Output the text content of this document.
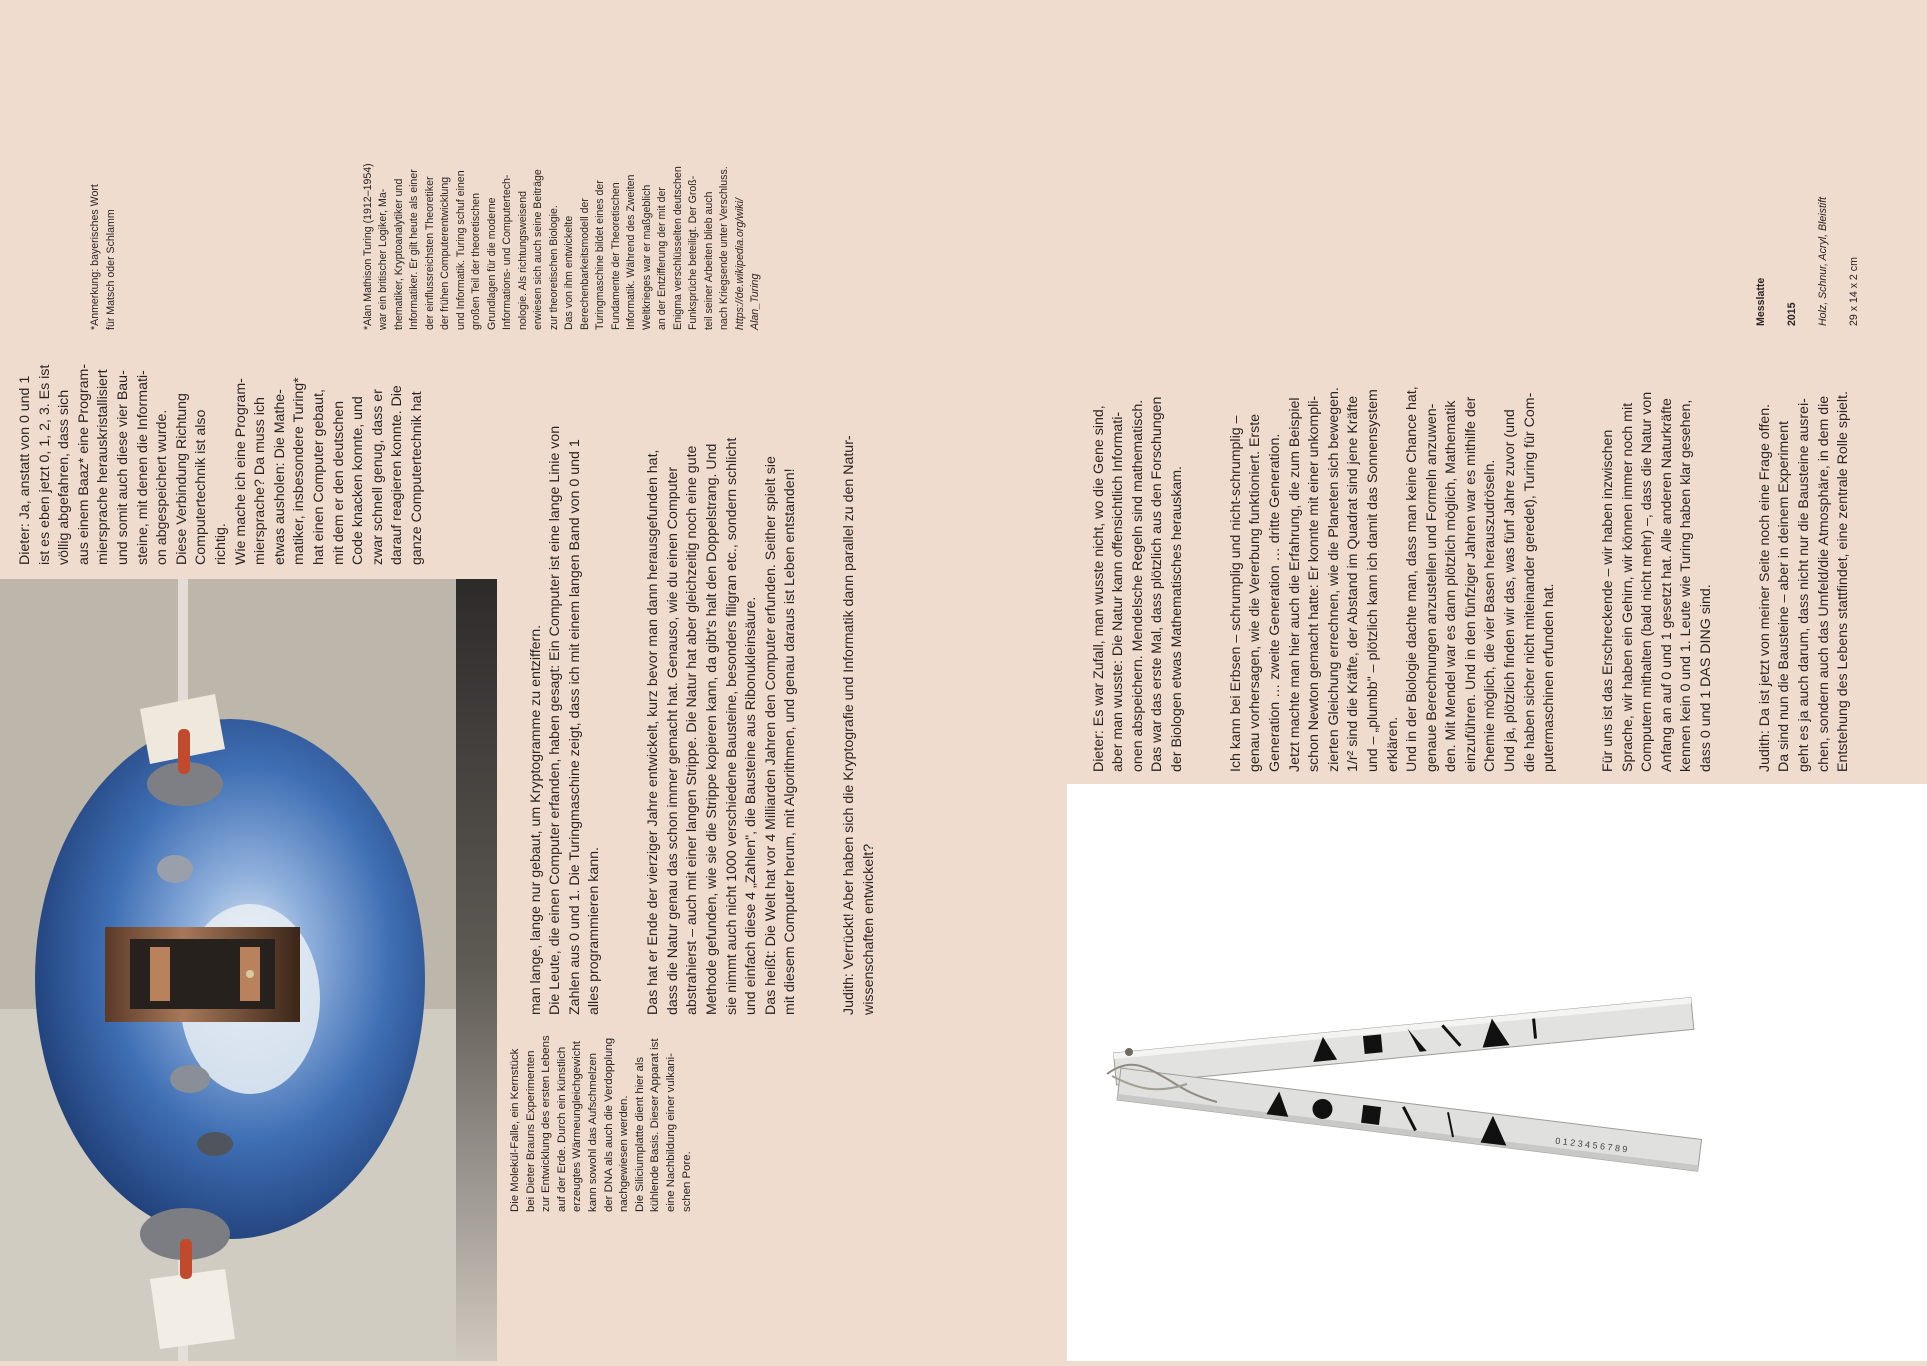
Dieter: Ja, anstatt von 0 und 1
ist es eben jetzt 0, 1, 2, 3. Es ist
völlig abgefahren, dass sich
aus einem Baaz* eine Program-
miersprache herauskristallisiert
und somit auch diese vier Bau-
steine, mit denen die Informati-
on abgespeichert wurde.
Diese Verbindung Richtung
Computertechnik ist also
richtig.
Wie mache ich eine Program-
miersprache? Da muss ich
etwas ausholen: Die Mathe-
matiker, insbesondere Turing*
hat einen Computer gebaut,
mit dem er den deutschen
Code knacken konnte, und
zwar schnell genug, dass er
darauf reagieren konnte. Die
ganze Computertechnik hat
*Anmerkung: bayerisches Wort
für Matsch oder Schlamm

*Alan Mathison Turing (1912–1954)
war ein britischer Logiker, Ma-
thematiker, Kryptoanalytiker und
Informatiker. Er gilt heute als einer
der einflussreichsten Theoretiker
der frühen Computerentwicklung
und Informatik. Turing schuf einen
großen Teil der theoretischen
Grundlagen für die moderne
Informations- und Computertech-
nologie. Als richtungsweisend
erwiesen sich auch seine Beiträge
zur theoretischen Biologie.
Das von ihm entwickelte
Berechenbarkeitsmodell der
Turingmaschine bildet eines der
Fundamente der Theoretischen
Informatik. Während des Zweiten
Weltkrieges war er maßgeblich
an der Entzifferung der mit der
Enigma verschlüsselten deutschen
Funksprüche beteiligt. Der Groß-
teil seiner Arbeiten blieb auch
nach Kriegsende unter Verschluss.
https://de.wikipedia.org/wiki/
Alan_Turing

Die Molekül-Falle, ein Kernstück
bei Dieter Brauns Experimenten
zur Entwicklung des ersten Lebens
auf der Erde. Durch ein künstlich
erzeugtes Wärmeungleichgewicht
kann sowohl das Aufschmelzen
der DNA als auch die Verdopplung
nachgewiesen werden.
Die Siliciumplatte dient hier als
kühlende Basis. Dieser Apparat ist
eine Nachbildung einer vulkani-
schen Pore.

man lange, lange nur gebaut, um Kryptogramme zu entziffern.
Die Leute, die einen Computer erfanden, haben gesagt: Ein Computer ist eine lange Linie von
Zahlen aus 0 und 1. Die Turingmaschine zeigt, dass ich mit einem langen Band von 0 und 1
alles programmieren kann.

Das hat er Ende der vierziger Jahre entwickelt, kurz bevor man dann herausgefunden hat,
dass die Natur genau das schon immer gemacht hat. Genauso, wie du einen Computer
abstrahierst – auch mit einer langen Strippe. Die Natur hat aber gleichzeitig noch eine gute
Methode gefunden, wie sie die Strippe kopieren kann, da gibt's halt den Doppelstrang. Und
sie nimmt auch nicht 1000 verschiedene Bausteine, besonders filigran etc., sondern schlicht
und einfach diese 4 „Zahlen", die Bausteine aus Ribonukleinsäure.
Das heißt: Die Welt hat vor 4 Milliarden Jahren den Computer erfunden. Seither spielt sie
mit diesem Computer herum, mit Algorithmen, und genau daraus ist Leben entstanden!

Judith: Verrückt! Aber haben sich die Kryptografie und Informatik dann parallel zu den Natur-
wissenschaften entwickelt?

0 1 2 3 4 5 6 7 8 9

Dieter: Es war Zufall, man wusste nicht, wo die Gene sind,
aber man wusste: Die Natur kann offensichtlich Informati-
onen abspeichern. Mendelsche Regeln sind mathematisch.
Das war das erste Mal, dass plötzlich aus den Forschungen
der Biologen etwas Mathematisches herauskam.

Ich kann bei Erbsen – schrumplig und nicht-schrumplig –
genau vorhersagen, wie die Vererbung funktioniert. Erste
Generation … zweite Generation … dritte Generation.
Jetzt machte man hier auch die Erfahrung, die zum Beispiel
schon Newton gemacht hatte: Er konnte mit einer unkompli-
zierten Gleichung errechnen, wie die Planeten sich bewegen.
1/r² sind die Kräfte, der Abstand im Quadrat sind jene Kräfte
und – „plumbb" – plötzlich kann ich damit das Sonnensystem
erklären.
Und in der Biologie dachte man, dass man keine Chance hat,
genaue Berechnungen anzustellen und Formeln anzuwen-
den. Mit Mendel war es dann plötzlich möglich, Mathematik
einzuführen. Und in den fünfziger Jahren war es mithilfe der
Chemie möglich, die vier Basen herauszudröseln.
Und ja, plötzlich finden wir das, was fünf Jahre zuvor (und
die haben sicher nicht miteinander geredet), Turing für Com-
putermaschinen erfunden hat.

Für uns ist das Erschreckende – wir haben inzwischen
Sprache, wir haben ein Gehirn, wir können immer noch mit
Computern mithalten (bald nicht mehr) –, dass die Natur von
Anfang an auf 0 und 1 gesetzt hat. Alle anderen Naturkräfte
kennen kein 0 und 1. Leute wie Turing haben klar gesehen,
dass 0 und 1 DAS DING sind.

Judith: Da ist jetzt von meiner Seite noch eine Frage offen.
Da sind nun die Bausteine – aber in deinem Experiment
geht es ja auch darum, dass nicht nur die Bausteine ausrei-
chen, sondern auch das Umfeld/die Atmosphäre, in dem die
Entstehung des Lebens stattfindet, eine zentrale Rolle spielt.

Messlatte 2015 Holz, Schnur, Acryl, Bleistift 29 x 14 x 2 cm
